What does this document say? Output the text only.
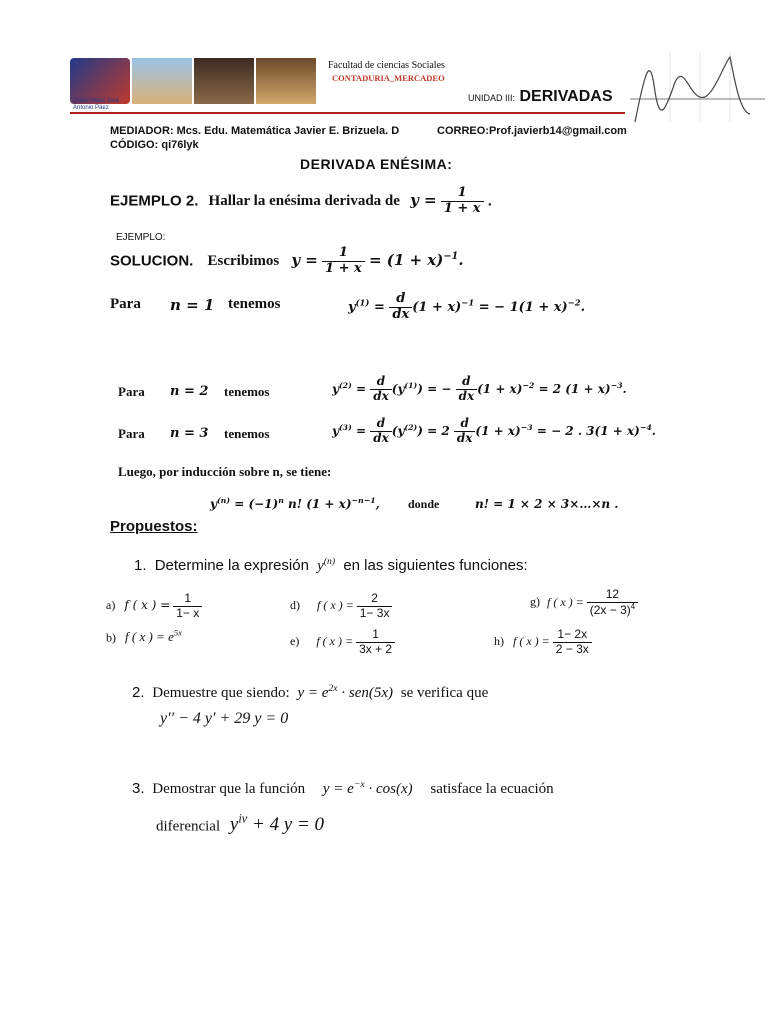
Facultad de ciencias Sociales
CONTADURIA_MERCADEO
Universidad José Antonio Páez
UNIDAD III: DERIVADAS
MEDIADOR: Mcs. Edu. Matemática Javier E. Brizuela. D	CORREO:Prof.javierb14@gmail.com
CÓDIGO: qi76lyk
DERIVADA ENÉSIMA:
EJEMPLO 2. Hallar la enésima derivada de $y = \frac{1}{1 + x}$ .
EJEMPLO:
SOLUCION. Escribimos $y = \frac{1}{1 + x} = (1 + x)^{-1}$.
Para n = 1 tenemos	$y^{(1)} = \frac{d}{dx} (1 + x)^{-1}$ = − $1(1 + x)^{-2}$.
Para n = 2 tenemos	$y^{(2)} = \frac{d}{dx} (y^{(1)})$ = − $\frac{d}{dx} (1 + x)^{-2} = 2$ $(1 + x)^{-3}$.
Para n = 3 tenemos	$y^{(3)} = \frac{d}{dx} (y^{(2)}) = 2 \frac{d}{dx} (1 + x)^{-3}$ = − 2 . $3(1 + x)^{-4}$.
Luego, por inducción sobre n, se tiene:
$y^{(n)} = (-1)^n$ n! $(1 + x)^{-n-1}$, donde	n! = 1 × 2 × 3×…×n .
Propuestos:
1. Determine la expresión $y^{(n)}$ en las siguientes funciones:
a) f ( x ) = $\frac{1}{1- x}$
b) f ( x ) = $e^{5x}$
d) f ( x ) = $\frac{2}{1- 3x}$
e) f ( x ) = $\frac{1}{3x + 2}$
g) f ( x ) = $\frac{12}{(2x - 3)^4}$
h) f ( x ) = $\frac{1- 2x}{2 - 3x}$
2. Demuestre que siendo: $y = e^{2x} \cdot sen(5x)$ se verifica que
y′′ − 4 y′ + 29 y = 0
3. Demostrar que la función $y = e^{-x} \cdot \cos(x)$ satisface la ecuación
diferencial $y^{iv} + 4$ y = 0
